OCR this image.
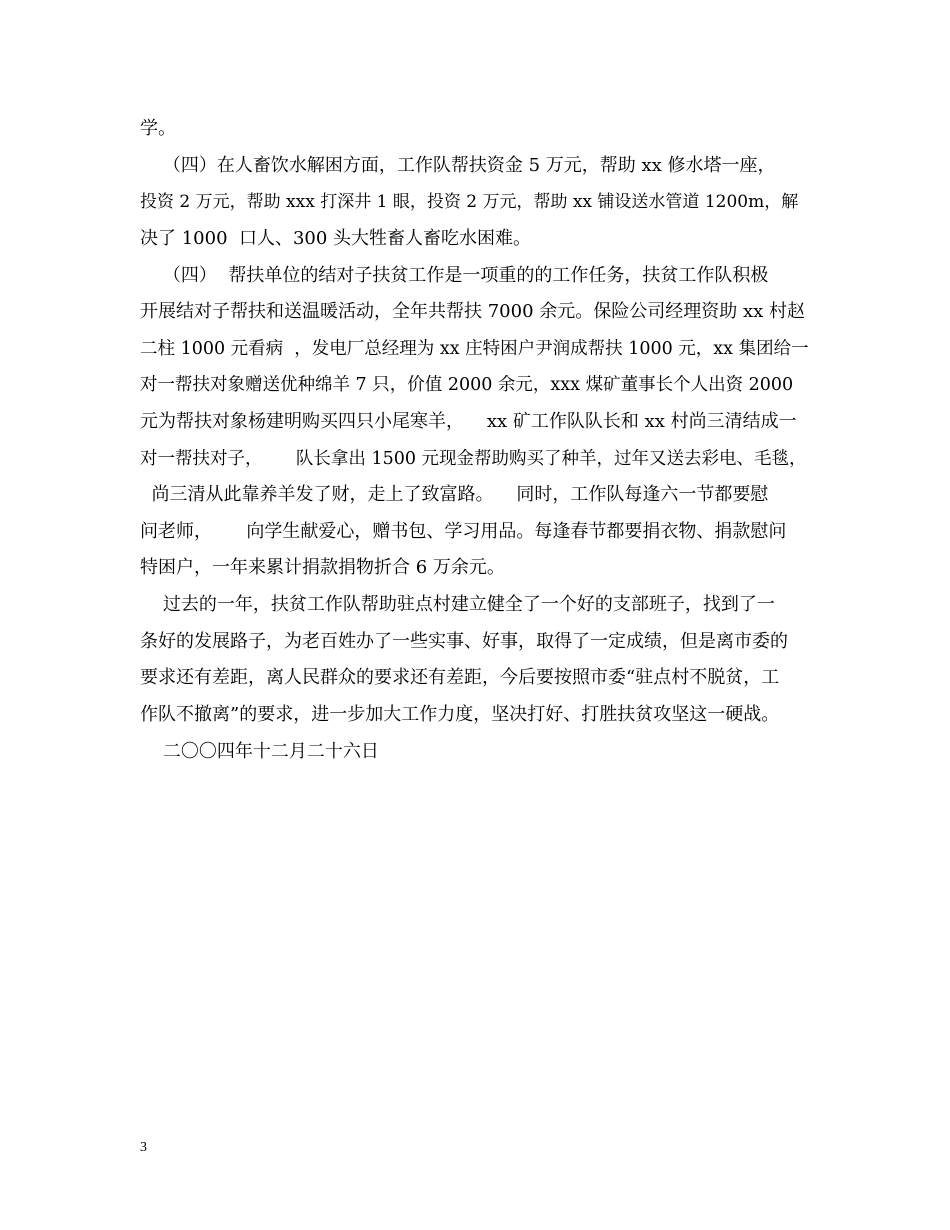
学。

（四）在人畜饮水解困方面，工作队帮扶资金 5 万元，帮助 xx 修水塔一座，

投资 2 万元，帮助 xxx 打深井 1 眼，投资 2 万元，帮助 xx 铺设送水管道 1200m，解

决了 1000  口人、300 头大牲畜人畜吃水困难。

（四）  帮扶单位的结对子扶贫工作是一项重的的工作任务，扶贫工作队积极

开展结对子帮扶和送温暖活动，全年共帮扶 7000 余元。保险公司经理资助 xx 村赵

二柱 1000 元看病  ，发电厂总经理为 xx 庄特困户尹润成帮扶 1000 元，xx 集团给一

对一帮扶对象赠送优种绵羊 7 只，价值 2000 余元，xxx 煤矿董事长个人出资 2000

元为帮扶对象杨建明购买四只小尾寒羊，    xx 矿工作队队长和 xx 村尚三清结成一

对一帮扶对子，      队长拿出 1500 元现金帮助购买了种羊，过年又送去彩电、毛毯，

尚三清从此靠养羊发了财，走上了致富路。    同时，工作队每逢六一节都要慰

问老师，      向学生献爱心，赠书包、学习用品。每逢春节都要捐衣物、捐款慰问

特困户，一年来累计捐款捐物折合 6 万余元。

过去的一年，扶贫工作队帮助驻点村建立健全了一个好的支部班子，找到了一

条好的发展路子，为老百姓办了一些实事、好事，取得了一定成绩，但是离市委的

要求还有差距，离人民群众的要求还有差距，今后要按照市委“驻点村不脱贫，工

作队不撤离”的要求，进一步加大工作力度，坚决打好、打胜扶贫攻坚这一硬战。

二〇〇四年十二月二十六日

3
